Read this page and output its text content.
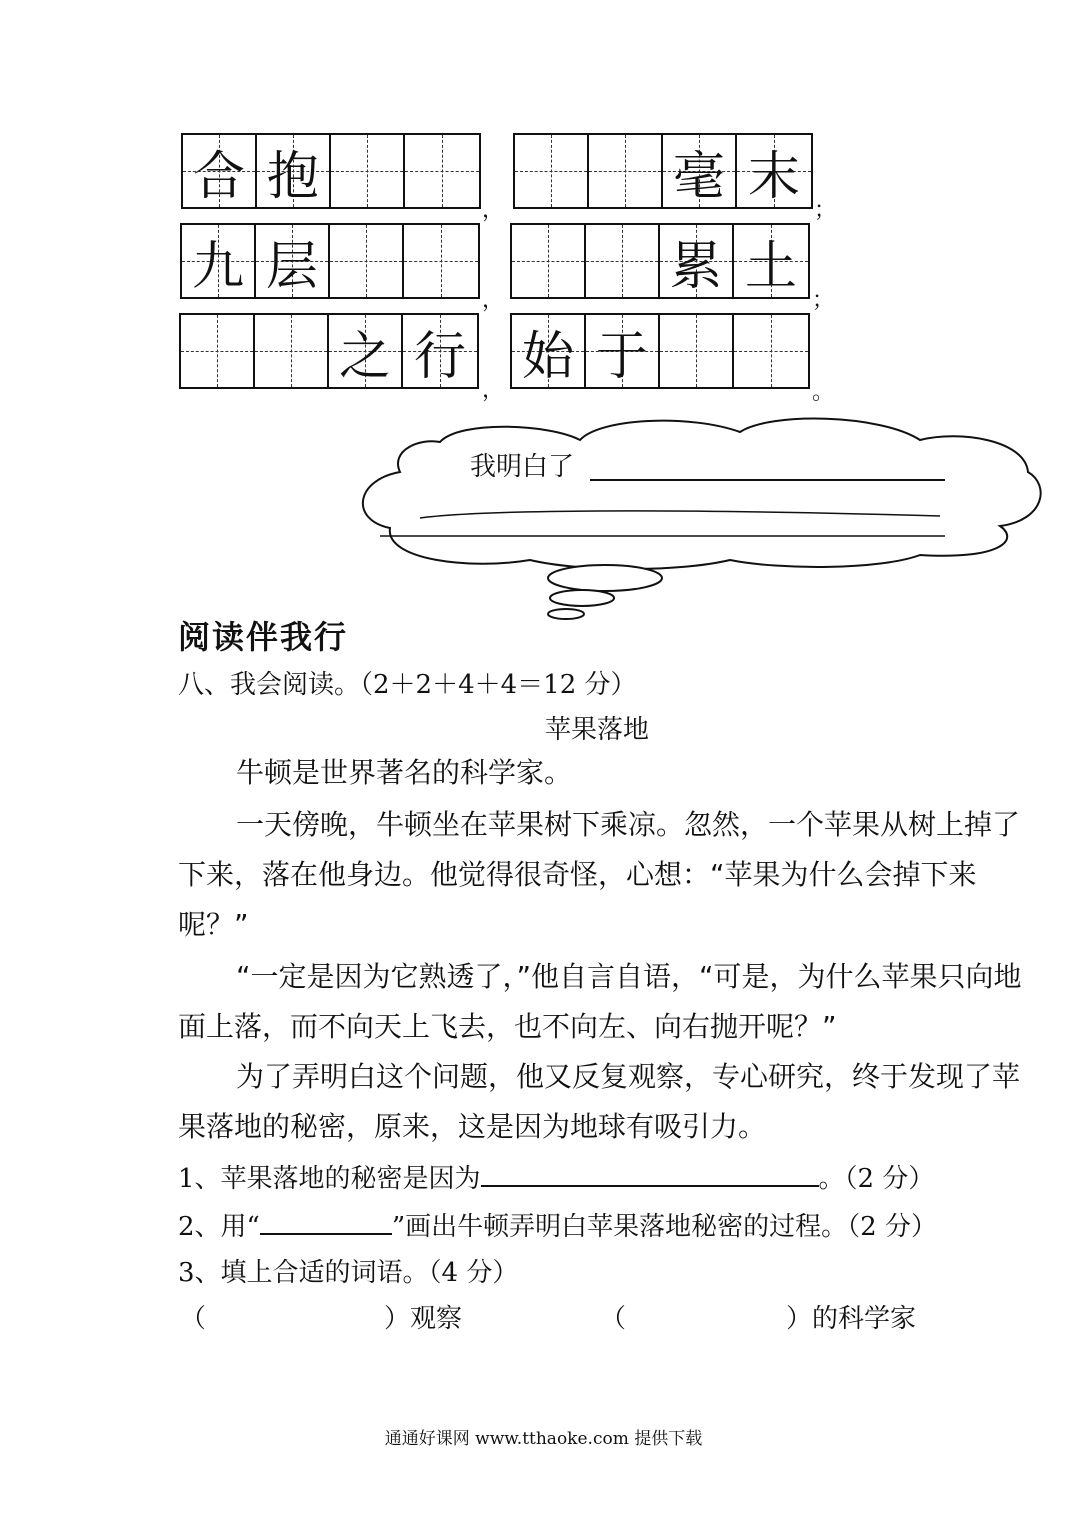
合 抱
，
毫 末
；
九 层
，
累 土
；
之 行
，
始 于
。
我明白了
阅读伴我行
八、我会阅读。（2＋2＋4＋4＝12 分）
苹果落地

牛顿是世界著名的科学家。

一天傍晚，牛顿坐在苹果树下乘凉。忽然，一个苹果从树上掉了下来，落在他身边。他觉得很奇怪，心想：“苹果为什么会掉下来呢？”

“一定是因为它熟透了，”他自言自语，“可是，为什么苹果只向地面上落，而不向天上飞去，也不向左、向右抛开呢？”

为了弄明白这个问题，他又反复观察，专心研究，终于发现了苹果落地的秘密，原来，这是因为地球有吸引力。

1、苹果落地的秘密是因为	。（2 分）
2、用“	”画出牛顿弄明白苹果落地秘密的过程。（2 分）
3、填上合适的词语。（4 分）
（	）观察	（	）的科学家
通通好课网 www.tthaoke.com 提供下载
